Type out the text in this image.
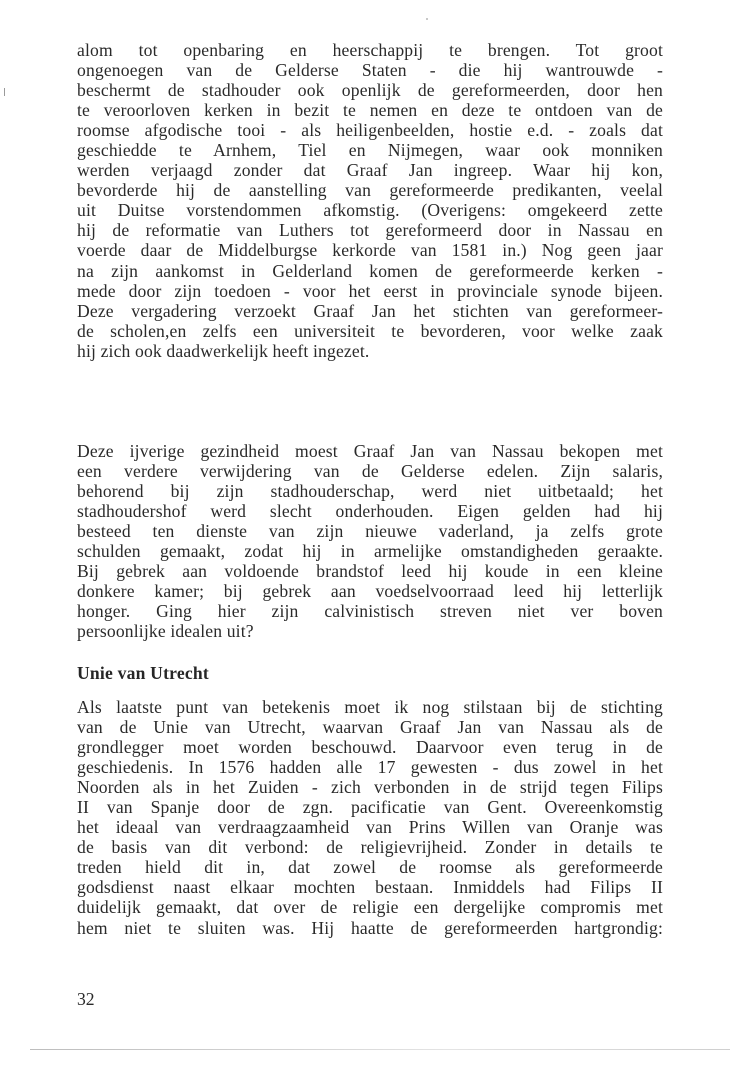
alom tot openbaring en heerschappij te brengen. Tot groot
ongenoegen van de Gelderse Staten - die hij wantrouwde -
beschermt de stadhouder ook openlijk de gereformeerden, door hen
te veroorloven kerken in bezit te nemen en deze te ontdoen van de
roomse afgodische tooi - als heiligenbeelden, hostie e.d. - zoals dat
geschiedde te Arnhem, Tiel en Nijmegen, waar ook monniken
werden verjaagd zonder dat Graaf Jan ingreep. Waar hij kon,
bevorderde hij de aanstelling van gereformeerde predikanten, veelal
uit Duitse vorstendommen afkomstig. (Overigens: omgekeerd zette
hij de reformatie van Luthers tot gereformeerd door in Nassau en
voerde daar de Middelburgse kerkorde van 1581 in.) Nog geen jaar
na zijn aankomst in Gelderland komen de gereformeerde kerken -
mede door zijn toedoen - voor het eerst in provinciale synode bijeen.
Deze vergadering verzoekt Graaf Jan het stichten van gereformeer-
de scholen,en zelfs een universiteit te bevorderen, voor welke zaak
hij zich ook daadwerkelijk heeft ingezet.
Deze ijverige gezindheid moest Graaf Jan van Nassau bekopen met
een verdere verwijdering van de Gelderse edelen. Zijn salaris,
behorend bij zijn stadhouderschap, werd niet uitbetaald; het
stadhoudershof werd slecht onderhouden. Eigen gelden had hij
besteed ten dienste van zijn nieuwe vaderland, ja zelfs grote
schulden gemaakt, zodat hij in armelijke omstandigheden geraakte.
Bij gebrek aan voldoende brandstof leed hij koude in een kleine
donkere kamer; bij gebrek aan voedselvoorraad leed hij letterlijk
honger. Ging hier zijn calvinistisch streven niet ver boven
persoonlijke idealen uit?
Unie van Utrecht
Als laatste punt van betekenis moet ik nog stilstaan bij de stichting
van de Unie van Utrecht, waarvan Graaf Jan van Nassau als de
grondlegger moet worden beschouwd. Daarvoor even terug in de
geschiedenis. In 1576 hadden alle 17 gewesten - dus zowel in het
Noorden als in het Zuiden - zich verbonden in de strijd tegen Filips
II van Spanje door de zgn. pacificatie van Gent. Overeenkomstig
het ideaal van verdraagzaamheid van Prins Willen van Oranje was
de basis van dit verbond: de religievrijheid. Zonder in details te
treden hield dit in, dat zowel de roomse als gereformeerde
godsdienst naast elkaar mochten bestaan. Inmiddels had Filips II
duidelijk gemaakt, dat over de religie een dergelijke compromis met
hem niet te sluiten was. Hij haatte de gereformeerden hartgrondig:
32
